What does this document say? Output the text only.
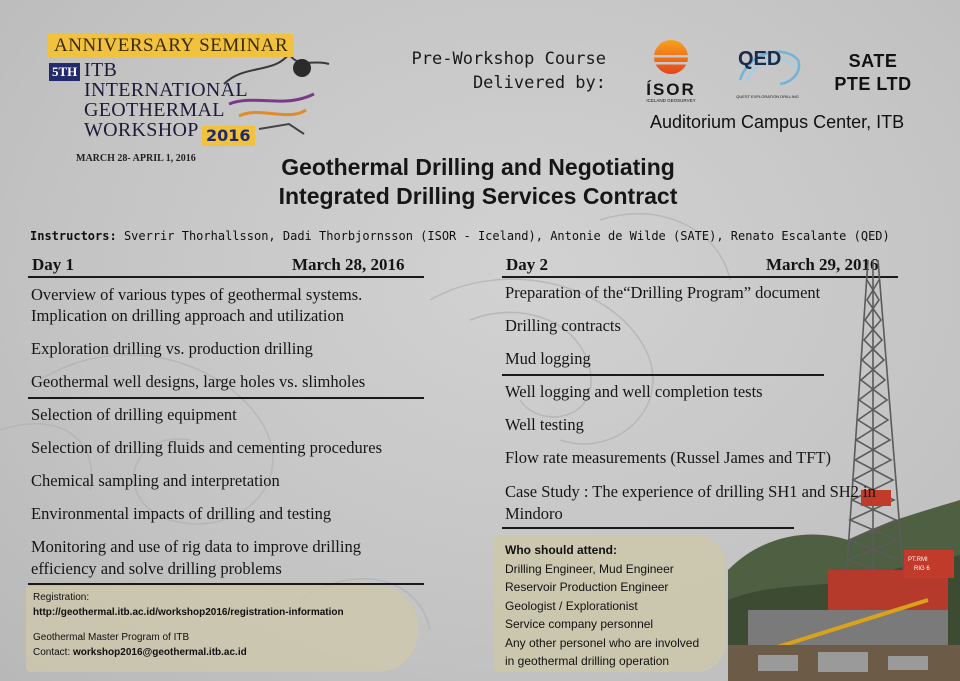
ANNIVERSARY SEMINAR
5TH ITB
INTERNATIONAL
GEOTHERMAL
WORKSHOP 2016
MARCH 28- APRIL 1, 2016
Pre-Workshop Course
Delivered by:	ÍSOR
ICELAND GEOSURVEY
QED
QUEST EXPLORATION DRILLING
SATE
PTE LTD
Auditorium Campus Center, ITB
Geothermal Drilling and Negotiating
Integrated Drilling Services Contract
Instructors: Sverrir Thorhallsson, Dadi Thorbjornsson (ISOR - Iceland), Antonie de Wilde (SATE), Renato Escalante (QED)
Day 1	March 28, 2016
Overview of various types of geothermal systems.
Implication on drilling approach and utilization
Exploration drilling vs. production drilling
Geothermal well designs, large holes vs. slimholes
Selection of drilling equipment
Selection of drilling fluids and cementing procedures
Chemical sampling and interpretation
Environmental impacts of drilling and testing
Monitoring and use of rig data to improve drilling
efficiency and solve drilling problems
Day 2	March 29, 2016
PT.RMI
RIG 6
Preparation of the“Drilling Program” document
Drilling contracts
Mud logging
Well logging and well completion tests
Well testing
Flow rate measurements (Russel James and TFT)
Case Study : The experience of drilling SH1 and SH2 in
Mindoro
Registration:
http://geothermal.itb.ac.id/workshop2016/registration-information
Geothermal Master Program of ITB
Contact: workshop2016@geothermal.itb.ac.id
Who should attend:
Drilling Engineer, Mud Engineer
Reservoir Production Engineer
Geologist / Explorationist
Service company personnel
Any other personel who are involved
in geothermal drilling operation
